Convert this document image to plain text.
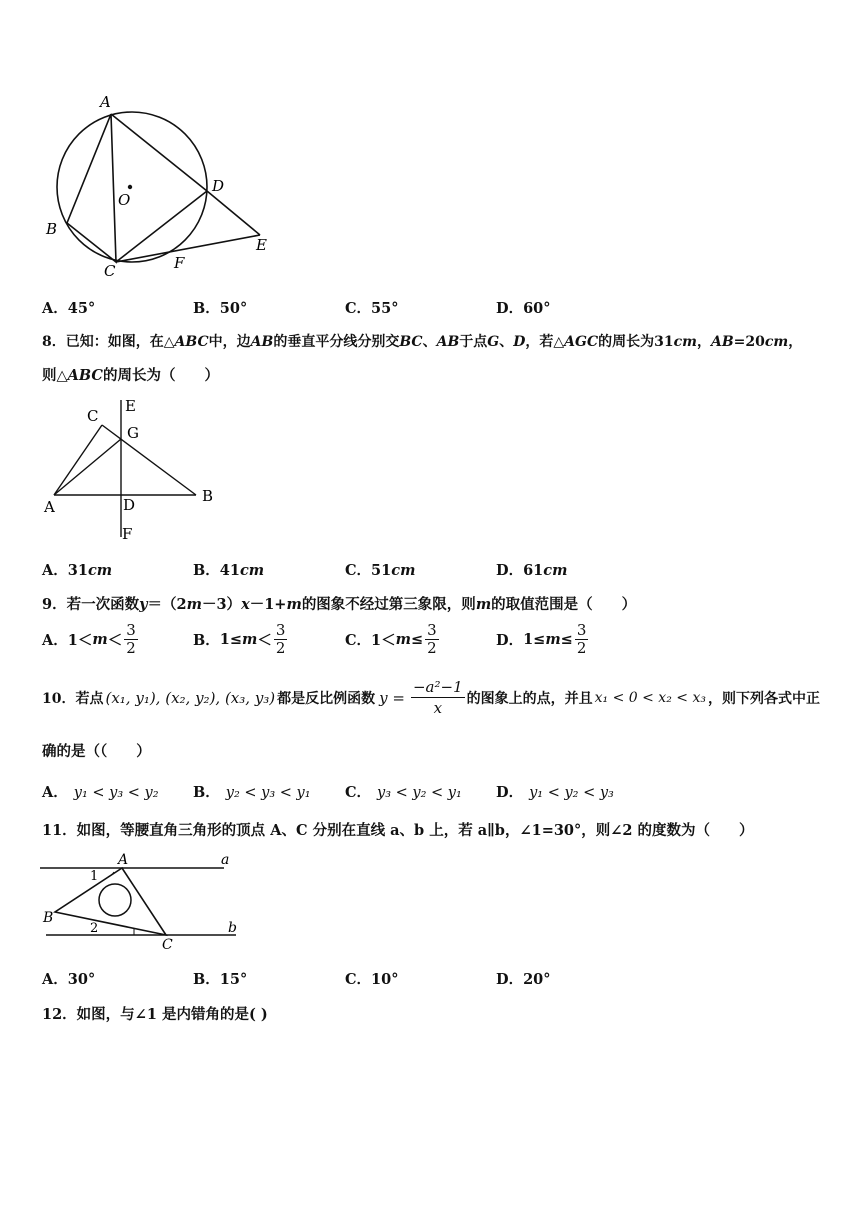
A
B
C
D
E
F
O
A．45°	B．50°	C．55°	D．60°
8．已知：如图，在△ABC中，边AB的垂直平分线分别交BC、AB于点G、D，若△AGC的周长为31cm，AB=20cm，
则△ABC的周长为（　　）
C
E
G
A	D	B
F
A．31cm	B．41cm	C．51cm	D．61cm
9．若一次函数y＝（2m－3）x－1+m的图象不经过第三象限，则m的取值范围是（　　）
A． $1< m < \frac{3}{2}$	B． $1\le m < \frac{3}{2}$	C． $1< m \le \frac{3}{2}$	D． $1\le m \le \frac{3}{2}$
10．若点 (x₁, y₁), (x₂, y₂), (x₃, y₃) 都是反比例函数 $y = \frac{\text{−a²−1}}{x}$ 的图象上的点，并且 x₁ < 0 < x₂ < x₃ ，则下列各式中正
确的是（（　　）
A． y₁ < y₃ < y₂ B． y₂ < y₃ < y₁ C． y₃ < y₂ < y₁ D． y₁ < y₂ < y₃
11．如图，等腰直角三角形的顶点 A、C 分别在直线 a、b 上，若 a∥b，∠1=30°，则∠2 的度数为（　　）
A	a
1
B
2	b
C
A．30°	B．15°	C．10°	D．20°
12．如图，与∠1 是内错角的是( )
